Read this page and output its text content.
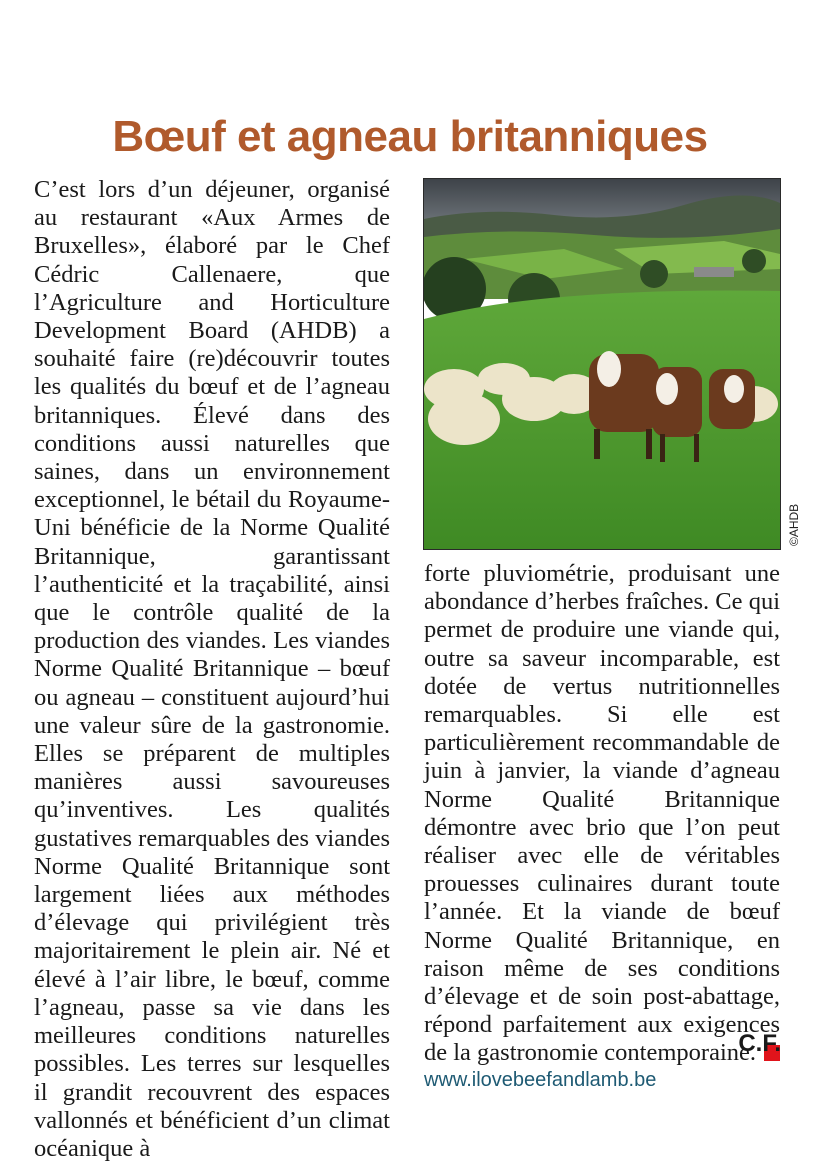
Bœuf et agneau britanniques

C’est lors d’un déjeuner, organisé au restaurant «Aux Armes de Bruxelles», élaboré par le Chef Cédric Callenaere, que l’Agriculture and Horticulture Development Board (AHDB) a souhaité faire (re)découvrir toutes les qualités du bœuf et de l’agneau britanniques. Élevé dans des conditions aussi naturelles que saines, dans un environnement exceptionnel, le bétail du Royaume-Uni bénéficie de la Norme Qualité Britannique, garantissant l’authenticité et la traçabilité, ainsi que le contrôle qualité de la production des viandes. Les viandes Norme Qualité Britannique – bœuf ou agneau – constituent aujourd’hui une valeur sûre de la gastronomie. Elles se préparent de multiples manières aussi savoureuses qu’inventives. Les qualités gustatives remarquables des viandes Norme Qualité Britannique sont largement liées aux méthodes d’élevage qui privilégient très majoritairement le plein air. Né et élevé à l’air libre, le bœuf, comme l’agneau, passe sa vie dans les meilleures conditions naturelles possibles. Les terres sur lesquelles il grandit recouvrent des espaces vallonnés et bénéficient d’un climat océanique à

©AHDB

forte pluviométrie, produisant une abondance d’herbes fraîches. Ce qui permet de produire une viande qui, outre sa saveur incomparable, est dotée de vertus nutritionnelles remarquables. Si elle est particulièrement recommandable de juin à janvier, la viande d’agneau Norme Qualité Britannique démontre avec brio que l’on peut réaliser avec elle de véritables prouesses culinaires durant toute l’année. Et la viande de bœuf Norme Qualité Britannique, en raison même de ses conditions d’élevage et de soin post-abattage, répond parfaitement aux exigences de la gastronomie contemporaine.

C.F.
www.ilovebeefandlamb.be
